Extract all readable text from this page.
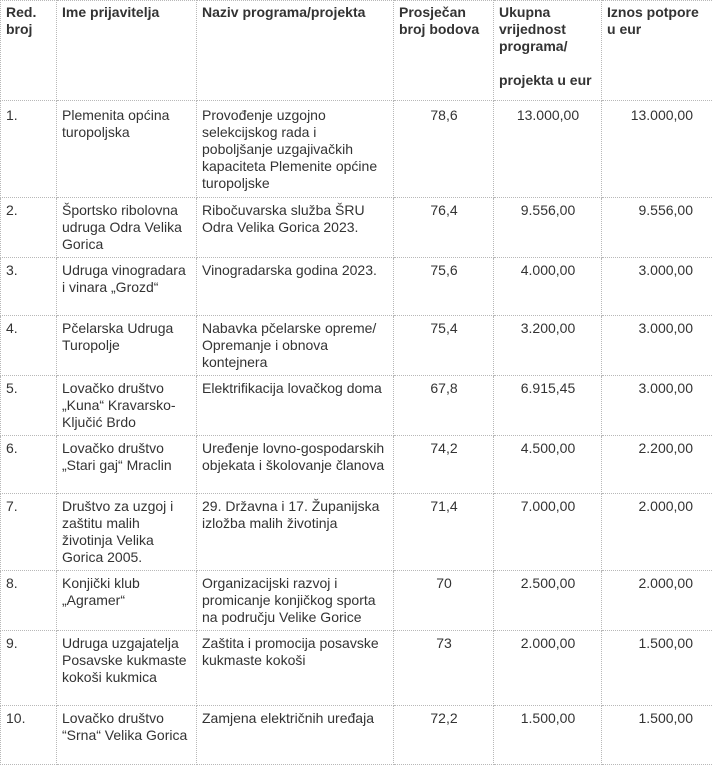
Red. broj	Ime prijavitelja	Naziv programa/projekta	Prosječan broj bodova	Ukupna vrijednost programa/
projekta u eur	Iznos potpore u eur
1.	Plemenita općina turopoljska	Provođenje uzgojno selekcijskog rada i poboljšanje uzgajivačkih kapaciteta Plemenite općine turopoljske	78,6	13.000,00	13.000,00
2.	Športsko ribolovna udruga Odra Velika Gorica	Ribočuvarska služba ŠRU Odra Velika Gorica 2023.	76,4	9.556,00	9.556,00
3.	Udruga vinogradara i vinara „Grozd“	Vinogradarska godina 2023.	75,6	4.000,00	3.000,00
4.	Pčelarska Udruga Turopolje	Nabavka pčelarske opreme/ Opremanje i obnova kontejnera	75,4	3.200,00	3.000,00
5.	Lovačko društvo „Kuna“ Kravarsko-Ključić Brdo	Elektrifikacija lovačkog doma	67,8	6.915,45	3.000,00
6.	Lovačko društvo „Stari gaj“ Mraclin	Uređenje lovno-gospodarskih objekata i školovanje članova	74,2	4.500,00	2.200,00
7.	Društvo za uzgoj i zaštitu malih životinja Velika Gorica 2005.	29. Državna i 17. Županijska izložba malih životinja	71,4	7.000,00	2.000,00
8.	Konjički klub „Agramer“	Organizacijski razvoj i promicanje konjičkog sporta na području Velike Gorice	70	2.500,00	2.000,00
9.	Udruga uzgajatelja Posavske kukmaste kokoši kukmica	Zaštita i promocija posavske kukmaste kokoši	73	2.000,00	1.500,00
10.	Lovačko društvo “Srna“ Velika Gorica	Zamjena električnih uređaja	72,2	1.500,00	1.500,00
